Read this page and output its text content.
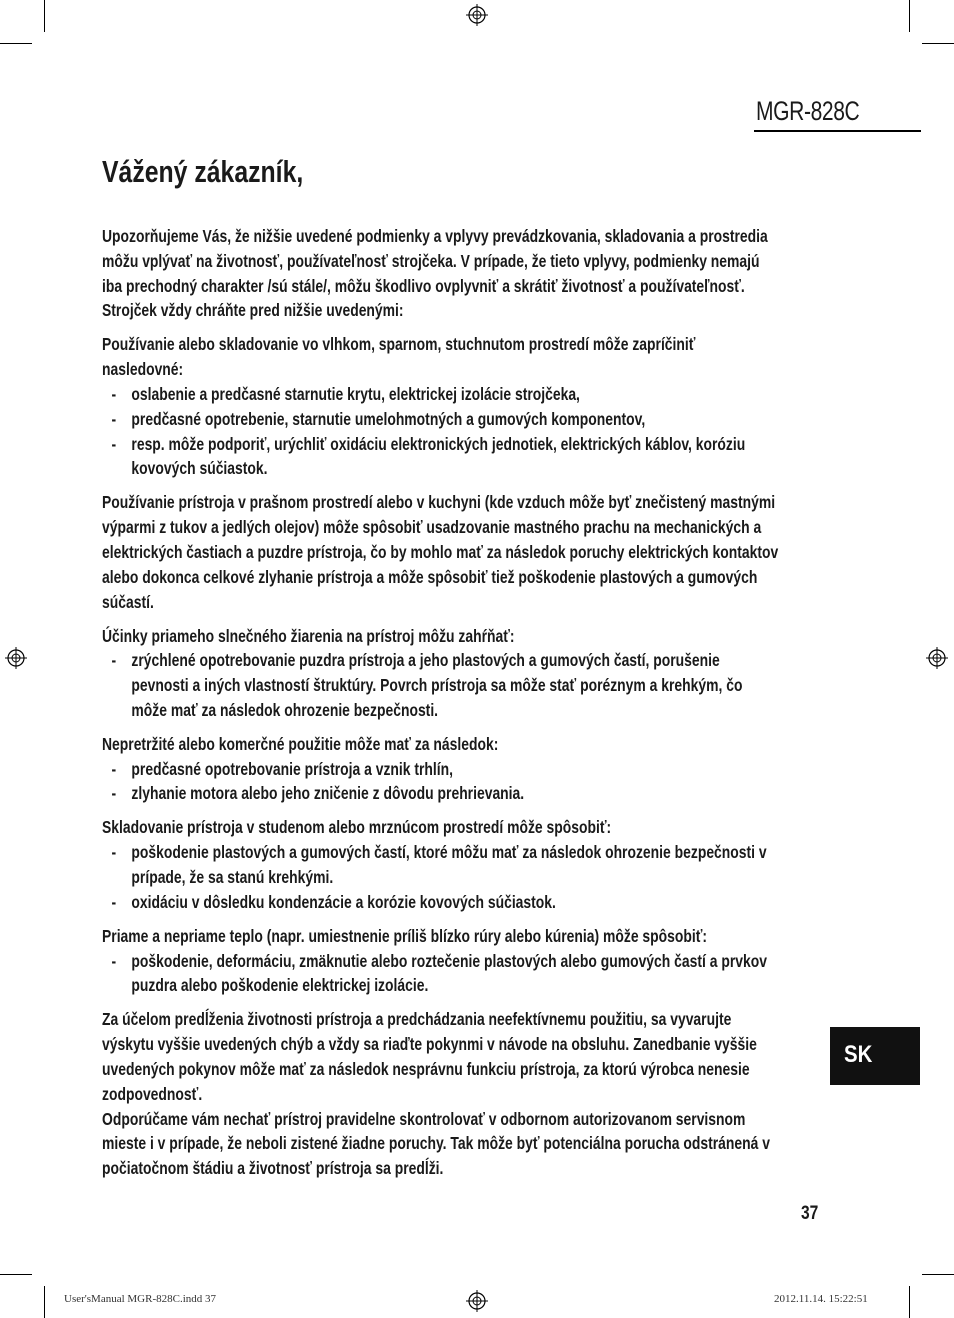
MGR-828C
Vážený zákazník,

Upozorňujeme Vás, že nižšie uvedené podmienky a vplyvy prevádzkovania, skladovania a prostredia
môžu vplývať na životnosť, používateľnosť strojčeka. V prípade, že tieto vplyvy, podmienky nemajú
iba prechodný charakter /sú stále/, môžu škodlivo ovplyvniť a skrátiť životnosť a používateľnosť.
Strojček vždy chráňte pred nižšie uvedenými:

Používanie alebo skladovanie vo vlhkom, sparnom, stuchnutom prostredí môže zapríčiniť
nasledovné:

- oslabenie a predčasné starnutie krytu, elektrickej izolácie strojčeka,
- predčasné opotrebenie, starnutie umelohmotných a gumových komponentov,
- resp. môže podporiť, urýchliť oxidáciu elektronických jednotiek, elektrických káblov, koróziu
kovových súčiastok.

Používanie prístroja v prašnom prostredí alebo v kuchyni (kde vzduch môže byť znečistený mastnými
výparmi z tukov a jedlých olejov) môže spôsobiť usadzovanie mastného prachu na mechanických a
elektrických častiach a puzdre prístroja, čo by mohlo mať za následok poruchy elektrických kontaktov
alebo dokonca celkové zlyhanie prístroja a môže spôsobiť tiež poškodenie plastových a gumových
súčastí.

Účinky priameho slnečného žiarenia na prístroj môžu zahŕňať:

- zrýchlené opotrebovanie puzdra prístroja a jeho plastových a gumových častí, porušenie
pevnosti a iných vlastností štruktúry. Povrch prístroja sa môže stať poréznym a krehkým, čo
môže mať za následok ohrozenie bezpečnosti.

Nepretržité alebo komerčné použitie môže mať za následok:

- predčasné opotrebovanie prístroja a vznik trhlín,
- zlyhanie motora alebo jeho zničenie z dôvodu prehrievania.

Skladovanie prístroja v studenom alebo mrznúcom prostredí môže spôsobiť:

- poškodenie plastových a gumových častí, ktoré môžu mať za následok ohrozenie bezpečnosti v
prípade, že sa stanú krehkými.
- oxidáciu v dôsledku kondenzácie a korózie kovových súčiastok.

Priame a nepriame teplo (napr. umiestnenie príliš blízko rúry alebo kúrenia) môže spôsobiť:

- poškodenie, deformáciu, zmäknutie alebo roztečenie plastových alebo gumových častí a prvkov
puzdra alebo poškodenie elektrickej izolácie.

Za účelom predĺženia životnosti prístroja a predchádzania neefektívnemu použitiu, sa vyvarujte
výskytu vyššie uvedených chýb a vždy sa riaďte pokynmi v návode na obsluhu. Zanedbanie vyššie
uvedených pokynov môže mať za následok nesprávnu funkciu prístroja, za ktorú výrobca nenesie
zodpovednosť.

Odporúčame vám nechať prístroj pravidelne skontrolovať v odbornom autorizovanom servisnom
mieste i v prípade, že neboli zistené žiadne poruchy. Tak môže byť potenciálna porucha odstránená v
počiatočnom štádiu a životnosť prístroja sa predĺži.

SK
37
User'sManual MGR-828C.indd 37	2012.11.14. 15:22:51
